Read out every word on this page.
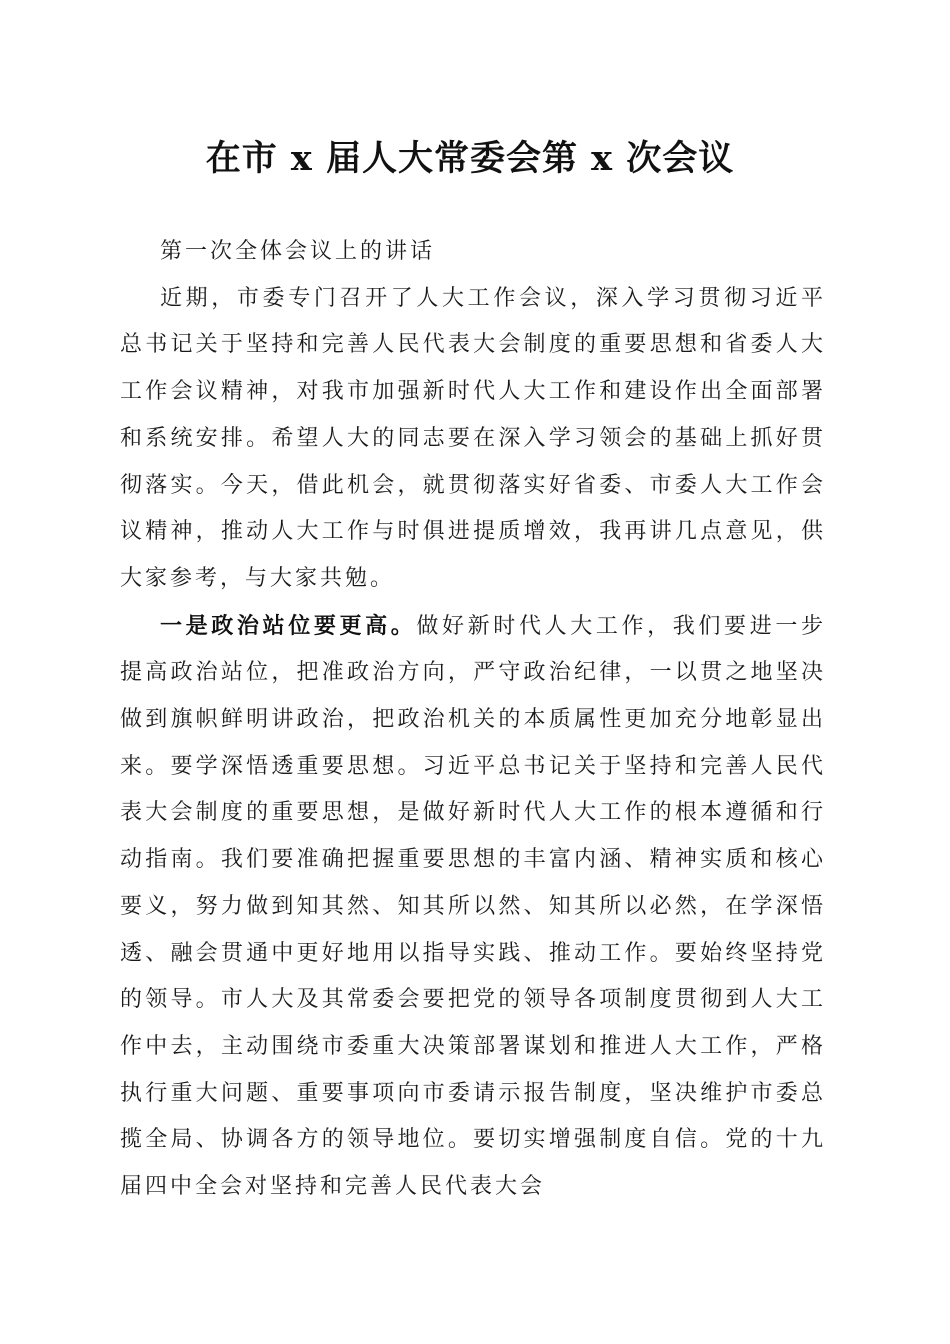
在市 x 届人大常委会第 x 次会议

第一次全体会议上的讲话

近期，市委专门召开了人大工作会议，深入学习贯彻习近平总书记关于坚持和完善人民代表大会制度的重要思想和省委人大工作会议精神，对我市加强新时代人大工作和建设作出全面部署和系统安排。希望人大的同志要在深入学习领会的基础上抓好贯彻落实。今天，借此机会，就贯彻落实好省委、市委人大工作会议精神，推动人大工作与时俱进提质增效，我再讲几点意见，供大家参考，与大家共勉。

一是政治站位要更高。做好新时代人大工作，我们要进一步提高政治站位，把准政治方向，严守政治纪律，一以贯之地坚决做到旗帜鲜明讲政治，把政治机关的本质属性更加充分地彰显出来。要学深悟透重要思想。习近平总书记关于坚持和完善人民代表大会制度的重要思想，是做好新时代人大工作的根本遵循和行动指南。我们要准确把握重要思想的丰富内涵、精神实质和核心要义，努力做到知其然、知其所以然、知其所以必然，在学深悟透、融会贯通中更好地用以指导实践、推动工作。要始终坚持党的领导。市人大及其常委会要把党的领导各项制度贯彻到人大工作中去，主动围绕市委重大决策部署谋划和推进人大工作，严格执行重大问题、重要事项向市委请示报告制度，坚决维护市委总揽全局、协调各方的领导地位。要切实增强制度自信。党的十九届四中全会对坚持和完善人民代表大会
